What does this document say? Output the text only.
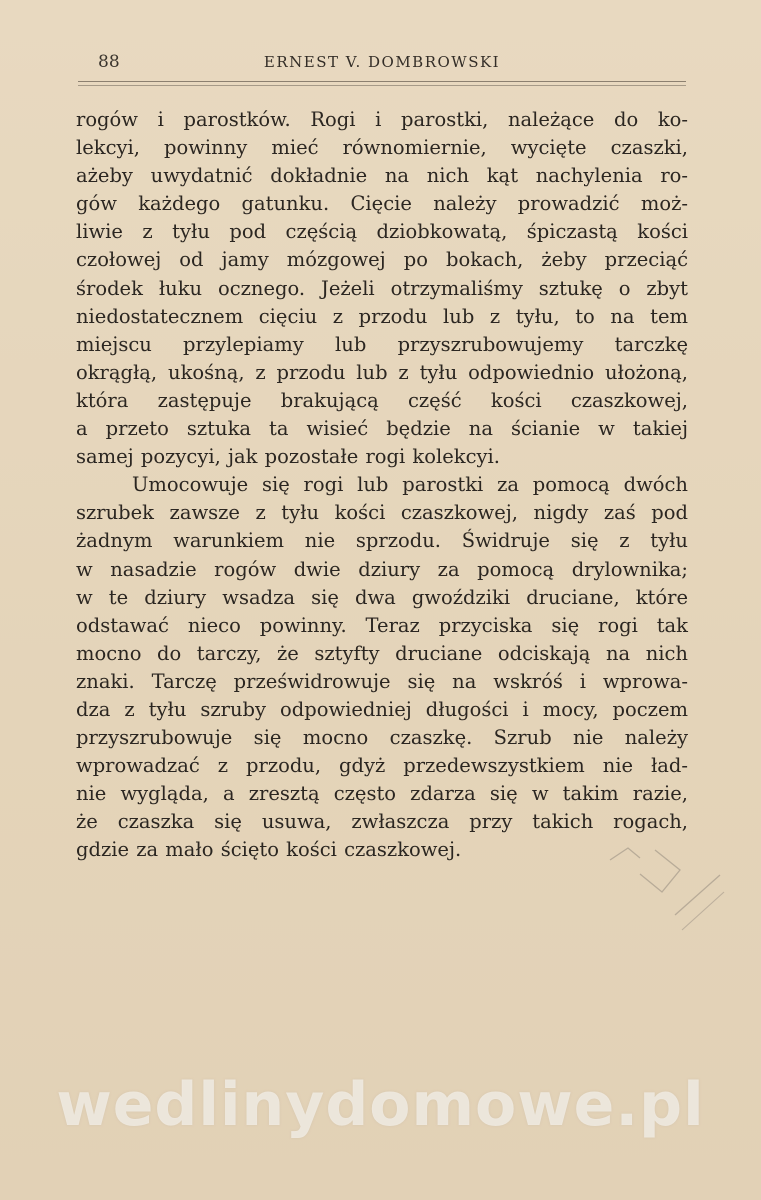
88	ERNEST V. DOMBROWSKI
rogów i parostków. Rogi i parostki, należące do ko-
lekcyi, powinny mieć równomiernie, wycięte czaszki,
ażeby uwydatnić dokładnie na nich kąt nachylenia ro-
gów każdego gatunku. Cięcie należy prowadzić moż-
liwie z tyłu pod częścią dziobkowatą, śpiczastą kości
czołowej od jamy mózgowej po bokach, żeby przeciąć
środek łuku ocznego. Jeżeli otrzymaliśmy sztukę o zbyt
niedostatecznem cięciu z przodu lub z tyłu, to na tem
miejscu przylepiamy lub przyszrubowujemy tarczkę
okrągłą, ukośną, z przodu lub z tyłu odpowiednio ułożoną,
która zastępuje brakującą część kości czaszkowej,
a przeto sztuka ta wisieć będzie na ścianie w takiej
samej pozycyi, jak pozostałe rogi kolekcyi.
Umocowuje się rogi lub parostki za pomocą dwóch
szrubek zawsze z tyłu kości czaszkowej, nigdy zaś pod
żadnym warunkiem nie sprzodu. Świdruje się z tyłu
w nasadzie rogów dwie dziury za pomocą drylownika;
w te dziury wsadza się dwa gwoździki druciane, które
odstawać nieco powinny. Teraz przyciska się rogi tak
mocno do tarczy, że sztyfty druciane odciskają na nich
znaki. Tarczę prześwidrowuje się na wskróś i wprowa-
dza z tyłu szruby odpowiedniej długości i mocy, poczem
przyszrubowuje się mocno czaszkę. Szrub nie należy
wprowadzać z przodu, gdyż przedewszystkiem nie ład-
nie wygląda, a zresztą często zdarza się w takim razie,
że czaszka się usuwa, zwłaszcza przy takich rogach,
gdzie za mało ścięto kości czaszkowej.
wedlinydomowe.pl
